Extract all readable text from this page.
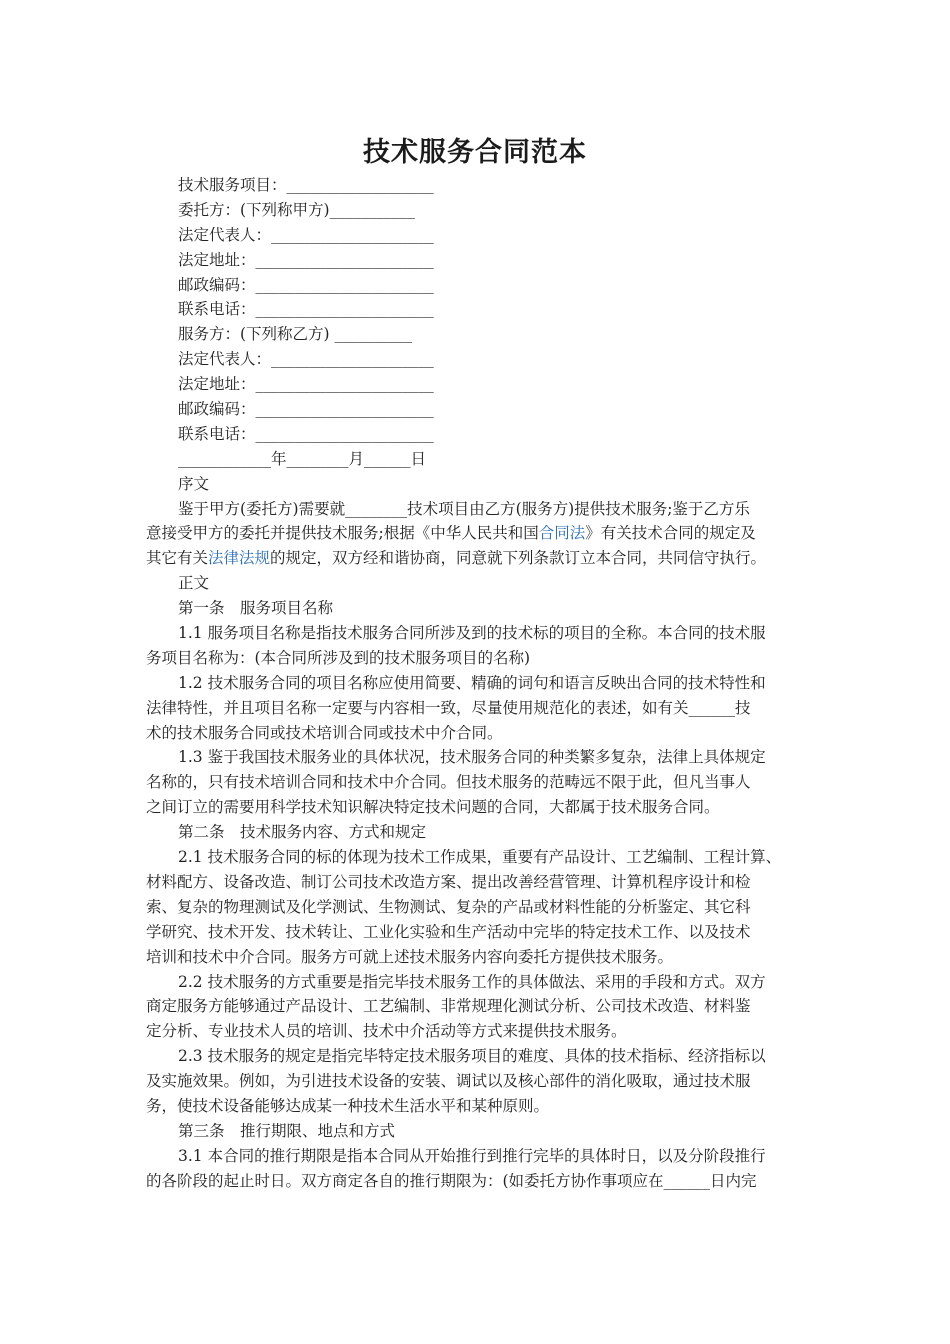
技术服务合同范本
技术服务项目：___________________
委托方：(下列称甲方)___________
法定代表人：_____________________
法定地址：_______________________
邮政编码：_______________________
联系电话：_______________________
服务方：(下列称乙方) __________
法定代表人：_____________________
法定地址：_______________________
邮政编码：_______________________
联系电话：_______________________
____________年________月______日
序文
鉴于甲方(委托方)需要就________技术项目由乙方(服务方)提供技术服务;鉴于乙方乐
意接受甲方的委托并提供技术服务;根据《中华人民共和国合同法》有关技术合同的规定及
其它有关法律法规的规定，双方经和谐协商，同意就下列条款订立本合同，共同信守执行。
正文
第一条　服务项目名称
1.1 服务项目名称是指技术服务合同所涉及到的技术标的项目的全称。本合同的技术服
务项目名称为：(本合同所涉及到的技术服务项目的名称)
1.2 技术服务合同的项目名称应使用简要、精确的词句和语言反映出合同的技术特性和
法律特性，并且项目名称一定要与内容相一致，尽量使用规范化的表述，如有关______技
术的技术服务合同或技术培训合同或技术中介合同。
1.3 鉴于我国技术服务业的具体状况，技术服务合同的种类繁多复杂，法律上具体规定
名称的，只有技术培训合同和技术中介合同。但技术服务的范畴远不限于此，但凡当事人
之间订立的需要用科学技术知识解决特定技术问题的合同，大都属于技术服务合同。
第二条　技术服务内容、方式和规定
2.1 技术服务合同的标的体现为技术工作成果，重要有产品设计、工艺编制、工程计算、
材料配方、设备改造、制订公司技术改造方案、提出改善经营管理、计算机程序设计和检
索、复杂的物理测试及化学测试、生物测试、复杂的产品或材料性能的分析鉴定、其它科
学研究、技术开发、技术转让、工业化实验和生产活动中完毕的特定技术工作、以及技术
培训和技术中介合同。服务方可就上述技术服务内容向委托方提供技术服务。
2.2 技术服务的方式重要是指完毕技术服务工作的具体做法、采用的手段和方式。双方
商定服务方能够通过产品设计、工艺编制、非常规理化测试分析、公司技术改造、材料鉴
定分析、专业技术人员的培训、技术中介活动等方式来提供技术服务。
2.3 技术服务的规定是指完毕特定技术服务项目的难度、具体的技术指标、经济指标以
及实施效果。例如，为引进技术设备的安装、调试以及核心部件的消化吸取，通过技术服
务，使技术设备能够达成某一种技术生活水平和某种原则。
第三条　推行期限、地点和方式
3.1 本合同的推行期限是指本合同从开始推行到推行完毕的具体时日，以及分阶段推行
的各阶段的起止时日。双方商定各自的推行期限为：(如委托方协作事项应在______日内完
